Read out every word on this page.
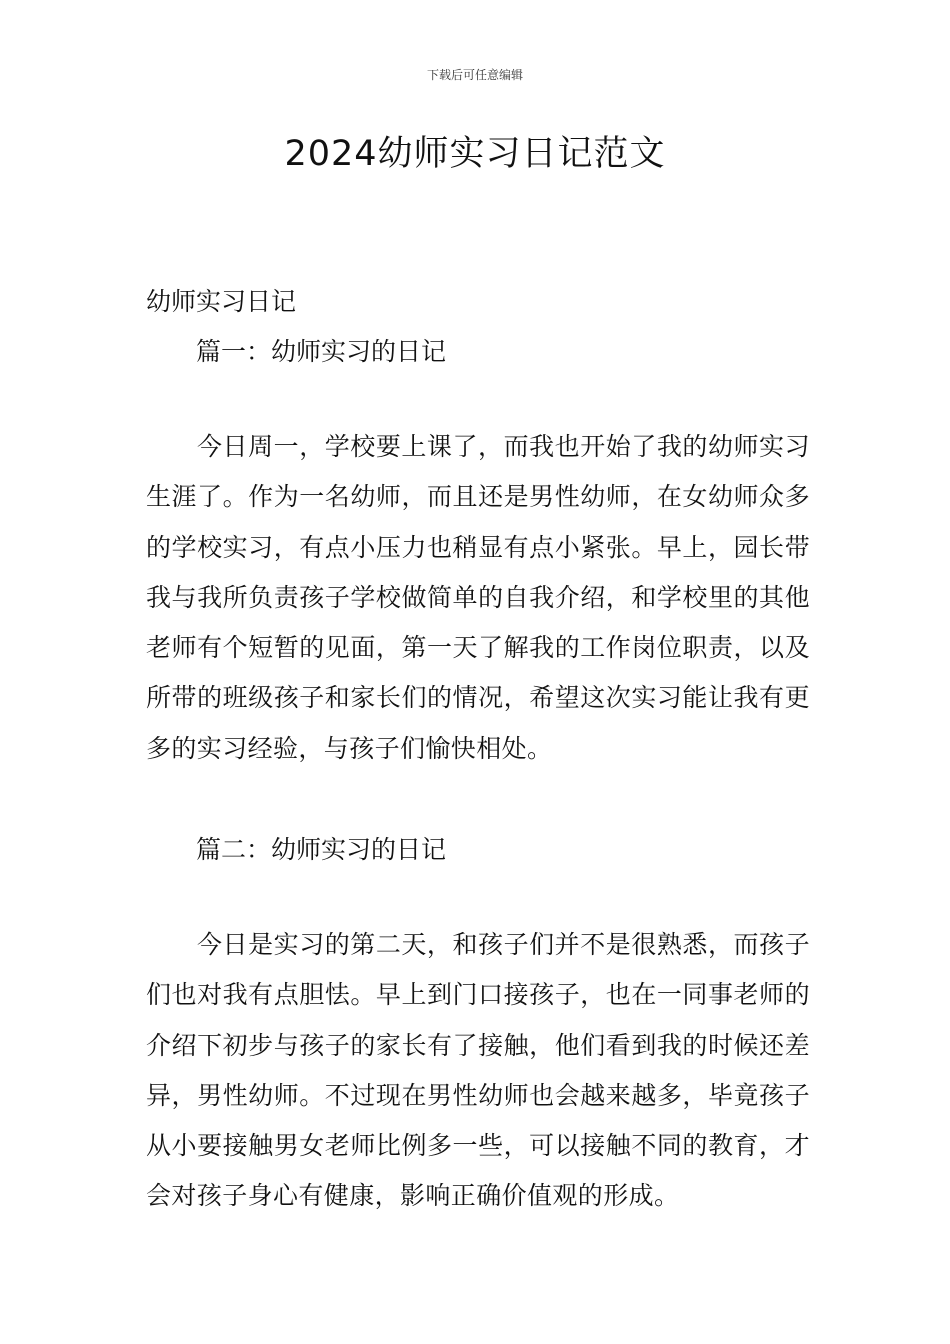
下载后可任意编辑
2024幼师实习日记范文
幼师实习日记
篇一：幼师实习的日记
今日周一，学校要上课了，而我也开始了我的幼师实习生涯了。作为一名幼师，而且还是男性幼师，在女幼师众多的学校实习，有点小压力也稍显有点小紧张。早上，园长带我与我所负责孩子学校做简单的自我介绍，和学校里的其他老师有个短暂的见面，第一天了解我的工作岗位职责，以及所带的班级孩子和家长们的情况，希望这次实习能让我有更多的实习经验，与孩子们愉快相处。
篇二：幼师实习的日记
今日是实习的第二天，和孩子们并不是很熟悉，而孩子们也对我有点胆怯。早上到门口接孩子，也在一同事老师的介绍下初步与孩子的家长有了接触，他们看到我的时候还差异，男性幼师。不过现在男性幼师也会越来越多，毕竟孩子从小要接触男女老师比例多一些，可以接触不同的教育，才会对孩子身心有健康，影响正确价值观的形成。
